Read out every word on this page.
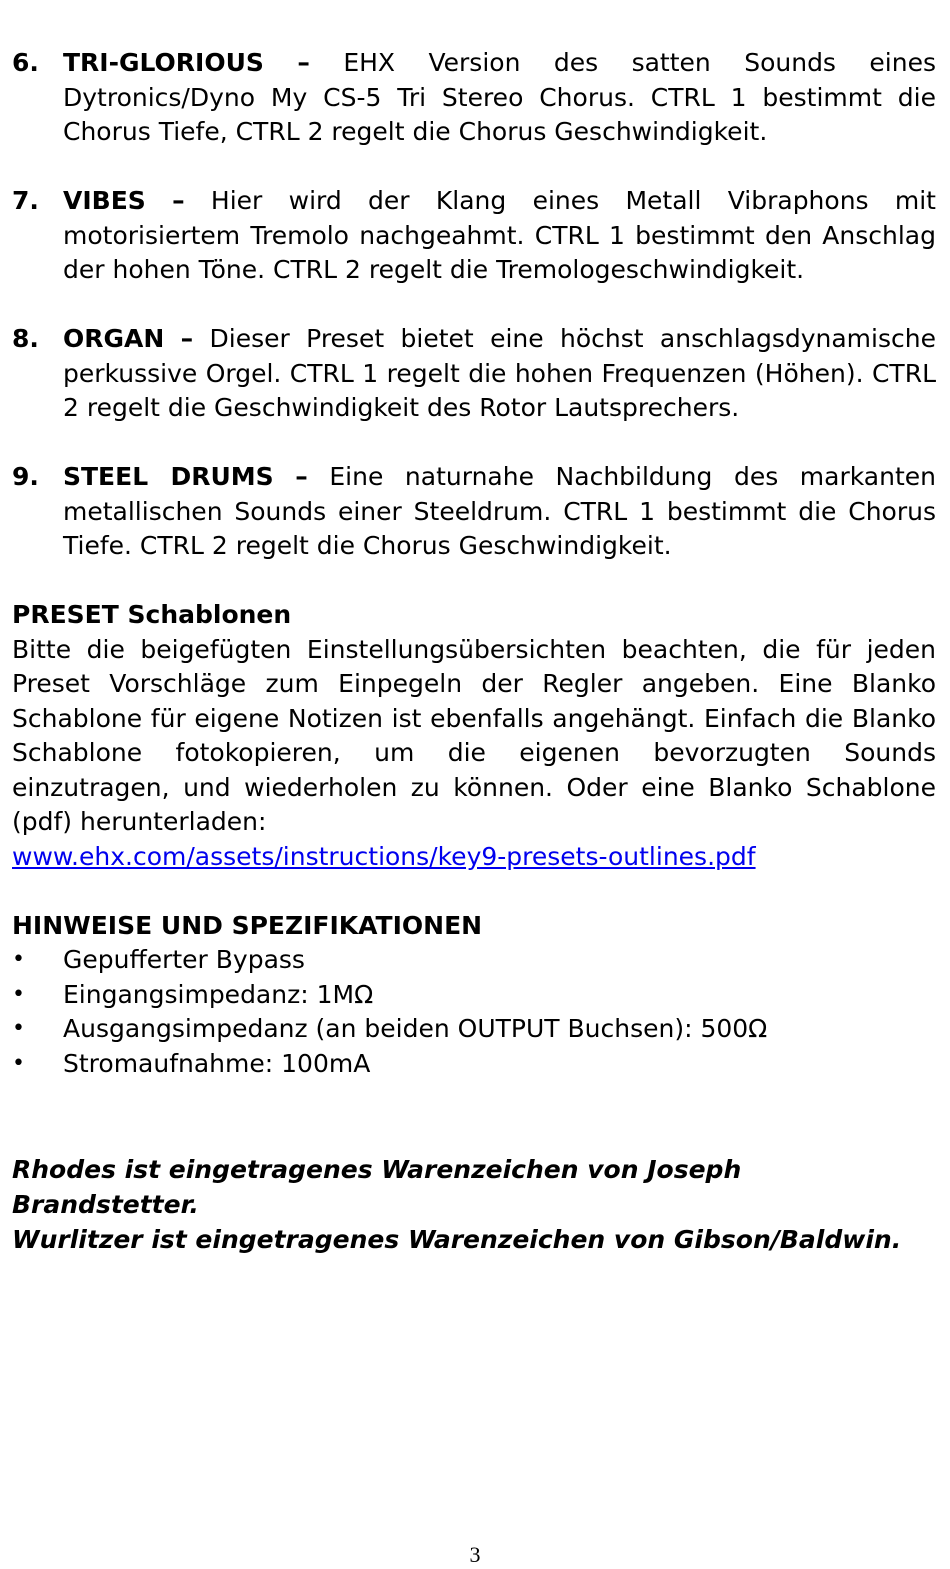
6. TRI-GLORIOUS – EHX Version des satten Sounds eines Dytronics/Dyno My CS-5 Tri Stereo Chorus. CTRL 1 bestimmt die Chorus Tiefe, CTRL 2 regelt die Chorus Geschwindigkeit.
7. VIBES – Hier wird der Klang eines Metall Vibraphons mit motorisiertem Tremolo nachgeahmt. CTRL 1 bestimmt den Anschlag der hohen Töne. CTRL 2 regelt die Tremologeschwindigkeit.
8. ORGAN – Dieser Preset bietet eine höchst anschlagsdynamische perkussive Orgel. CTRL 1 regelt die hohen Frequenzen (Höhen). CTRL 2 regelt die Geschwindigkeit des Rotor Lautsprechers.
9. STEEL DRUMS – Eine naturnahe Nachbildung des markanten metallischen Sounds einer Steeldrum. CTRL 1 bestimmt die Chorus Tiefe. CTRL 2 regelt die Chorus Geschwindigkeit.
PRESET Schablonen
Bitte die beigefügten Einstellungsübersichten beachten, die für jeden Preset Vorschläge zum Einpegeln der Regler angeben. Eine Blanko Schablone für eigene Notizen ist ebenfalls angehängt. Einfach die Blanko Schablone fotokopieren, um die eigenen bevorzugten Sounds einzutragen, und wiederholen zu können. Oder eine Blanko Schablone (pdf) herunterladen:
www.ehx.com/assets/instructions/key9-presets-outlines.pdf
HINWEISE UND SPEZIFIKATIONEN
•	Gepufferter Bypass
•	Eingangsimpedanz: 1MΩ
•	Ausgangsimpedanz (an beiden OUTPUT Buchsen): 500Ω
•	Stromaufnahme: 100mA
Rhodes ist eingetragenes Warenzeichen von Joseph
Brandstetter.
Wurlitzer ist eingetragenes Warenzeichen von Gibson/Baldwin.
3
